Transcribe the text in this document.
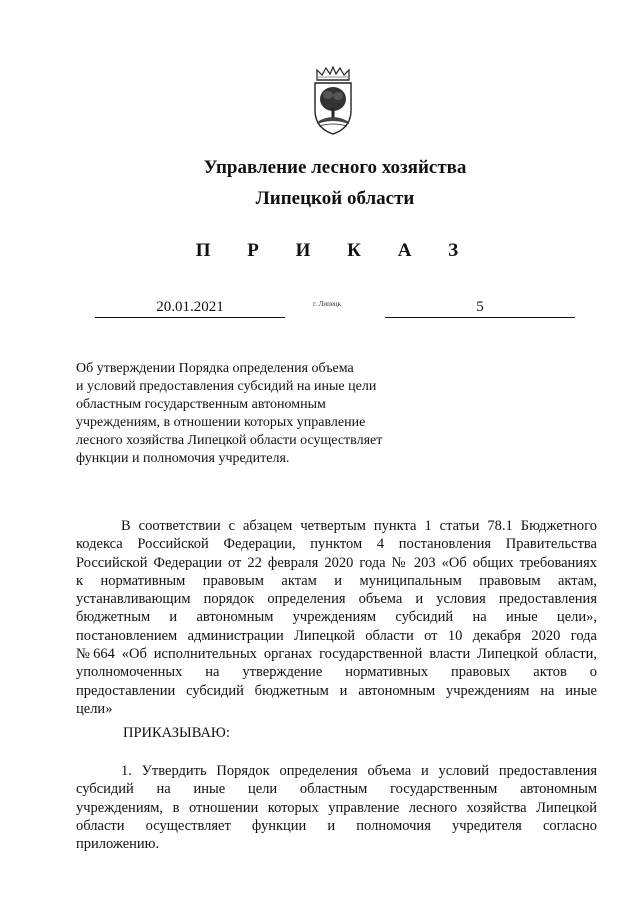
Управление лесного хозяйства
Липецкой области
П Р И К А З
20.01.2021	г. Липецк	5
Об утверждении Порядка определения объема
и условий предоставления субсидий на иные цели
областным государственным автономным
учреждениям, в отношении которых управление
лесного хозяйства Липецкой области осуществляет
функции и полномочия учредителя.
В соответствии с абзацем четвертым пункта 1 статьи 78.1 Бюджетного
кодекса Российской Федерации, пунктом 4 постановления Правительства
Российской Федерации от 22 февраля 2020 года № 203 «Об общих требованиях
к нормативным правовым актам и муниципальным правовым актам,
устанавливающим порядок определения объема и условия предоставления
бюджетным и автономным учреждениям субсидий на иные цели»,
постановлением администрации Липецкой области от 10 декабря 2020 года
№664 «Об исполнительных органах государственной власти Липецкой области,
уполномоченных на утверждение нормативных правовых актов о
предоставлении субсидий бюджетным и автономным учреждениям на иные
цели»
ПРИКАЗЫВАЮ:
1. Утвердить Порядок определения объема и условий предоставления
субсидий на иные цели областным государственным автономным
учреждениям, в отношении которых управление лесного хозяйства Липецкой
области осуществляет функции и полномочия учредителя согласно
приложению.
